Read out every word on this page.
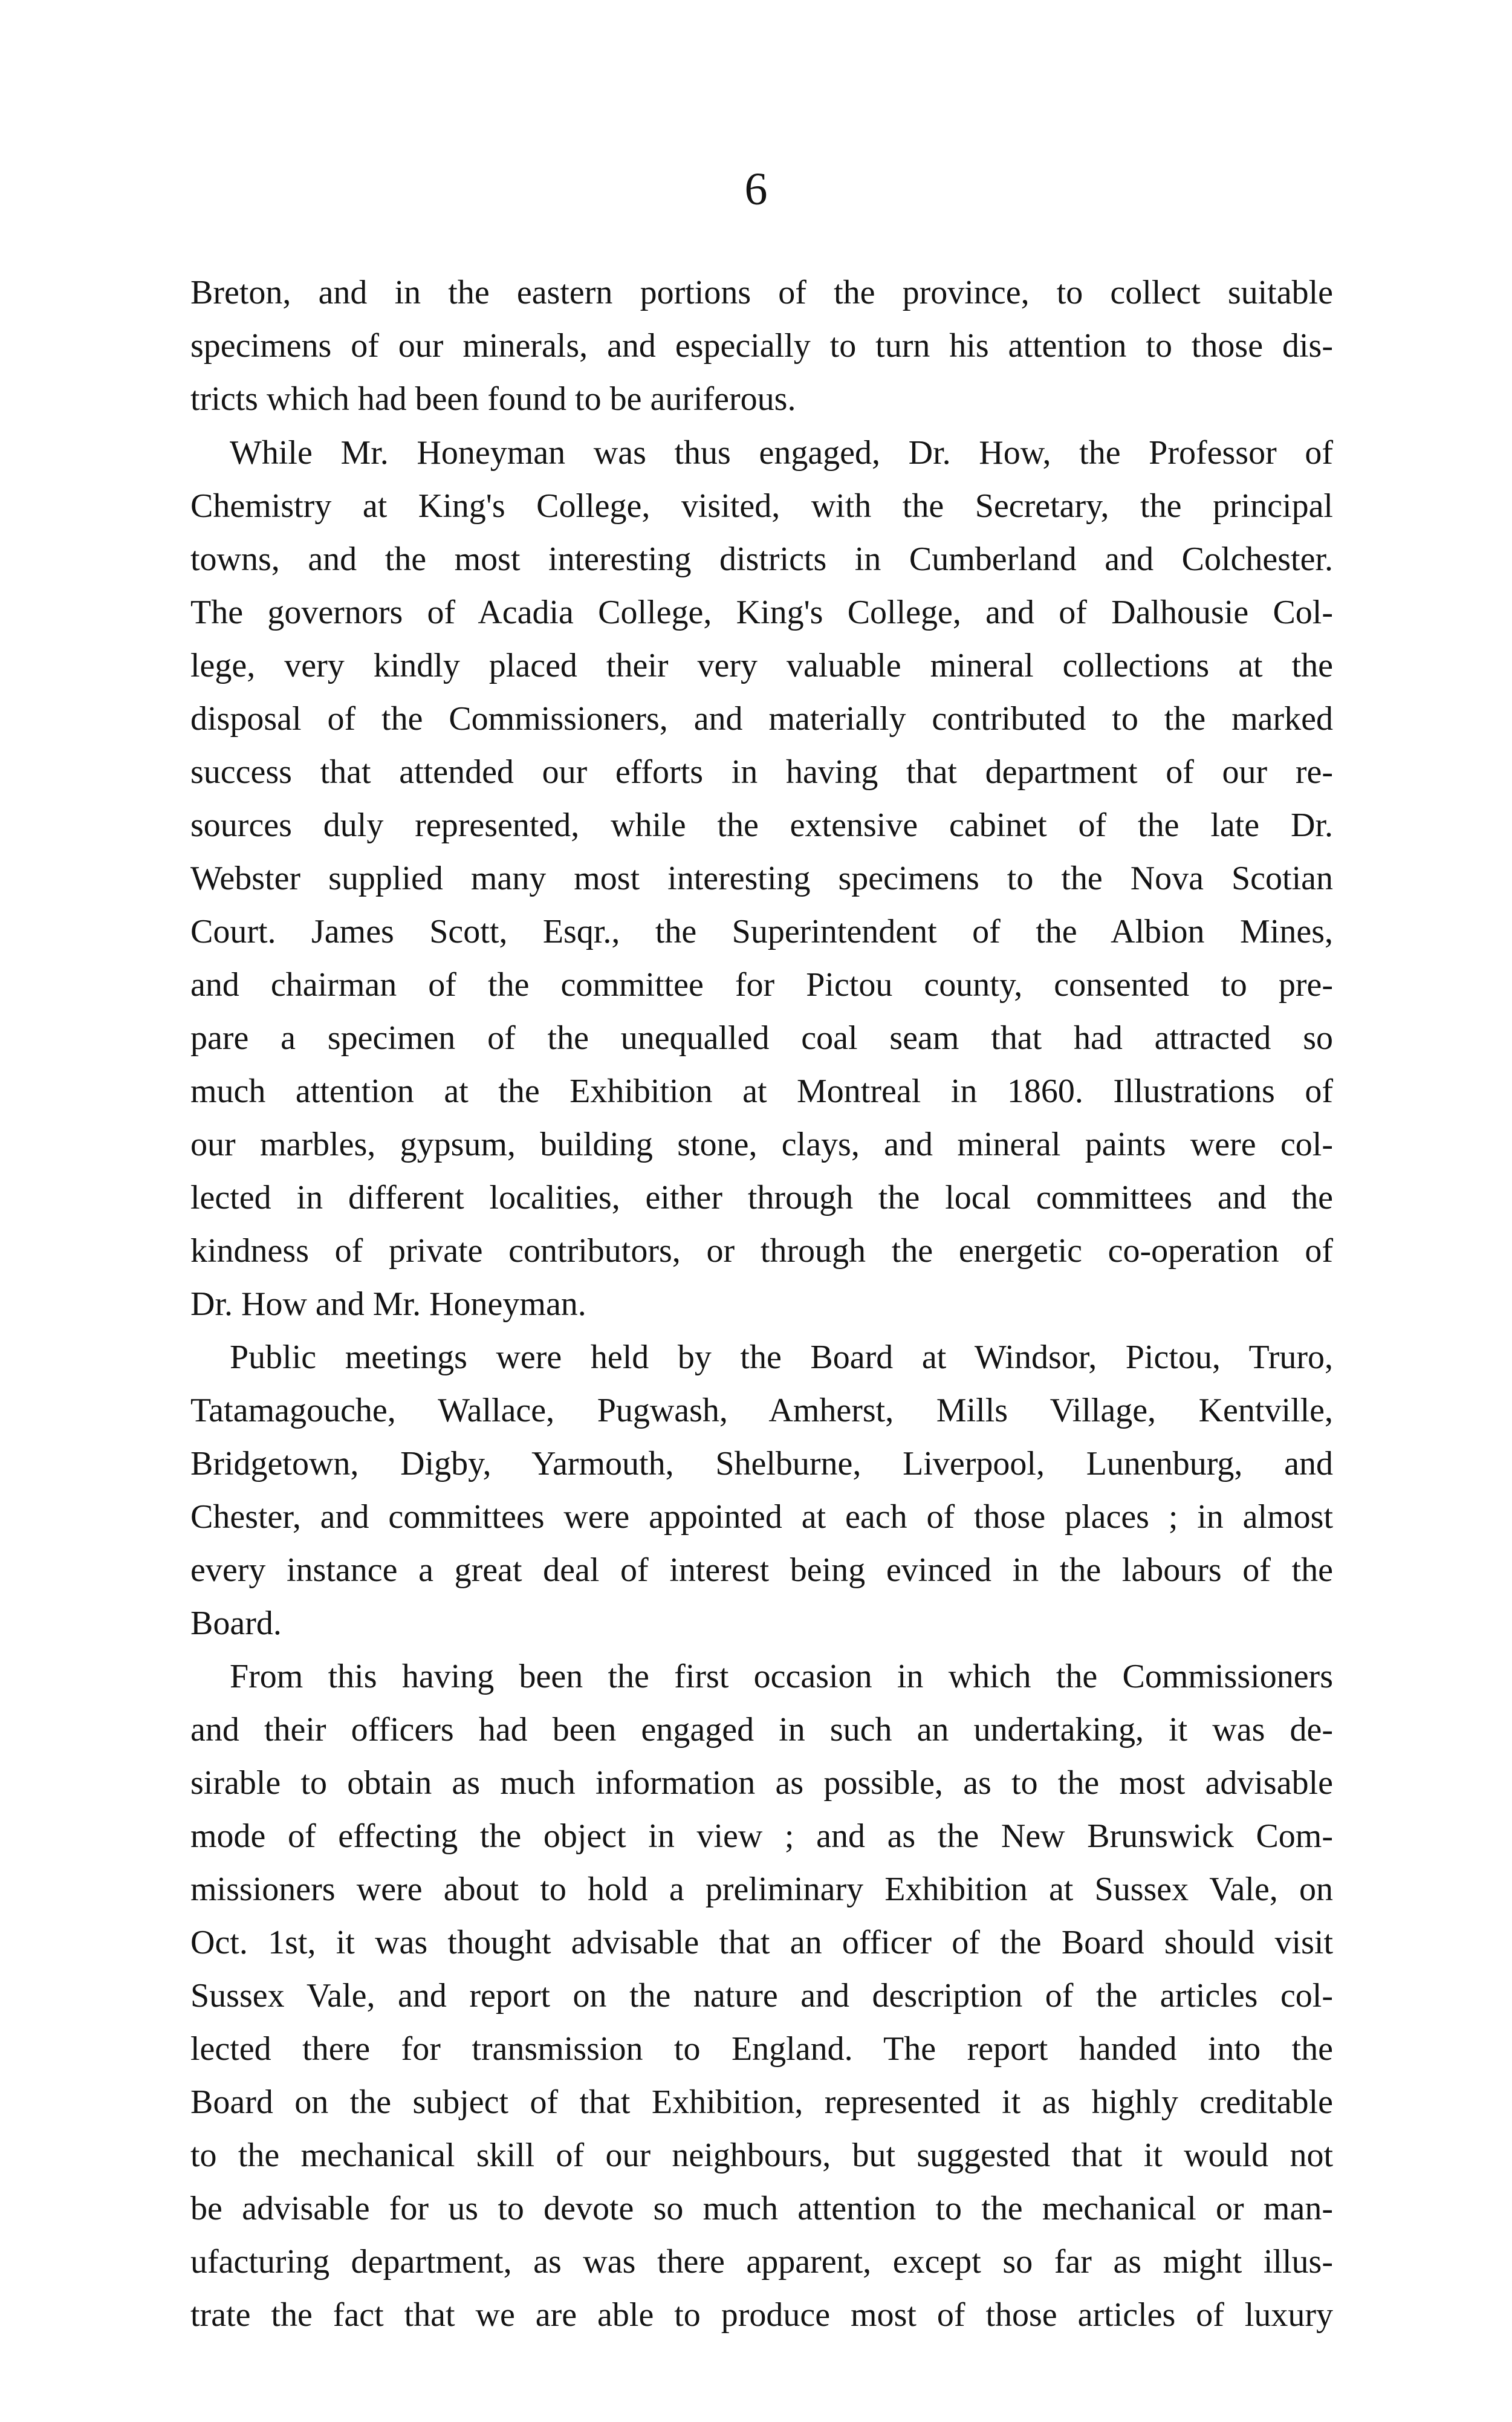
6
Breton, and in the eastern portions of the province, to collect suitable
specimens of our minerals, and especially to turn his attention to those dis-
tricts which had been found to be auriferous.
While Mr. Honeyman was thus engaged, Dr. How, the Professor of
Chemistry at King's College, visited, with the Secretary, the principal
towns, and the most interesting districts in Cumberland and Colchester.
The governors of Acadia College, King's College, and of Dalhousie Col-
lege, very kindly placed their very valuable mineral collections at the
disposal of the Commissioners, and materially contributed to the marked
success that attended our efforts in having that department of our re-
sources duly represented, while the extensive cabinet of the late Dr.
Webster supplied many most interesting specimens to the Nova Scotian
Court. James Scott, Esqr., the Superintendent of the Albion Mines,
and chairman of the committee for Pictou county, consented to pre-
pare a specimen of the unequalled coal seam that had attracted so
much attention at the Exhibition at Montreal in 1860. Illustrations of
our marbles, gypsum, building stone, clays, and mineral paints were col-
lected in different localities, either through the local committees and the
kindness of private contributors, or through the energetic co-operation of
Dr. How and Mr. Honeyman.
Public meetings were held by the Board at Windsor, Pictou, Truro,
Tatamagouche, Wallace, Pugwash, Amherst, Mills Village, Kentville,
Bridgetown, Digby, Yarmouth, Shelburne, Liverpool, Lunenburg, and
Chester, and committees were appointed at each of those places ; in almost
every instance a great deal of interest being evinced in the labours of the
Board.
From this having been the first occasion in which the Commissioners
and their officers had been engaged in such an undertaking, it was de-
sirable to obtain as much information as possible, as to the most advisable
mode of effecting the object in view ; and as the New Brunswick Com-
missioners were about to hold a preliminary Exhibition at Sussex Vale, on
Oct. 1st, it was thought advisable that an officer of the Board should visit
Sussex Vale, and report on the nature and description of the articles col-
lected there for transmission to England. The report handed into the
Board on the subject of that Exhibition, represented it as highly creditable
to the mechanical skill of our neighbours, but suggested that it would not
be advisable for us to devote so much attention to the mechanical or man-
ufacturing department, as was there apparent, except so far as might illus-
trate the fact that we are able to produce most of those articles of luxury
